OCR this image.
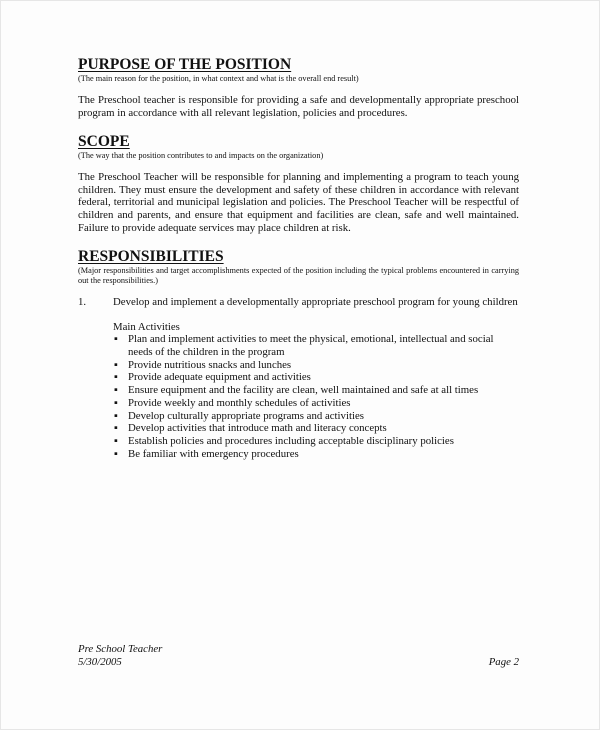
PURPOSE OF THE POSITION
(The main reason for the position, in what context and what is the overall end result)

The Preschool teacher is responsible for providing a safe and developmentally appropriate preschool program in accordance with all relevant legislation, policies and procedures.

SCOPE
(The way that the position contributes to and impacts on the organization)

The Preschool Teacher will be responsible for planning and implementing a program to teach young children. They must ensure the development and safety of these children in accordance with relevant federal, territorial and municipal legislation and policies. The Preschool Teacher will be respectful of children and parents, and ensure that equipment and facilities are clean, safe and well maintained. Failure to provide adequate services may place children at risk.

RESPONSIBILITIES
(Major responsibilities and target accomplishments expected of the position including the typical problems encountered in carrying out the responsibilities.)
1.	Develop and implement a developmentally appropriate preschool program for young children
Main Activities
▪ Plan and implement activities to meet the physical, emotional, intellectual and social needs of the children in the program
▪ Provide nutritious snacks and lunches
▪ Provide adequate equipment and activities
▪ Ensure equipment and the facility are clean, well maintained and safe at all times
▪ Provide weekly and monthly schedules of activities
▪ Develop culturally appropriate programs and activities
▪ Develop activities that introduce math and literacy concepts
▪ Establish policies and procedures including acceptable disciplinary policies
▪ Be familiar with emergency procedures
Pre School Teacher
5/30/2005	Page 2
